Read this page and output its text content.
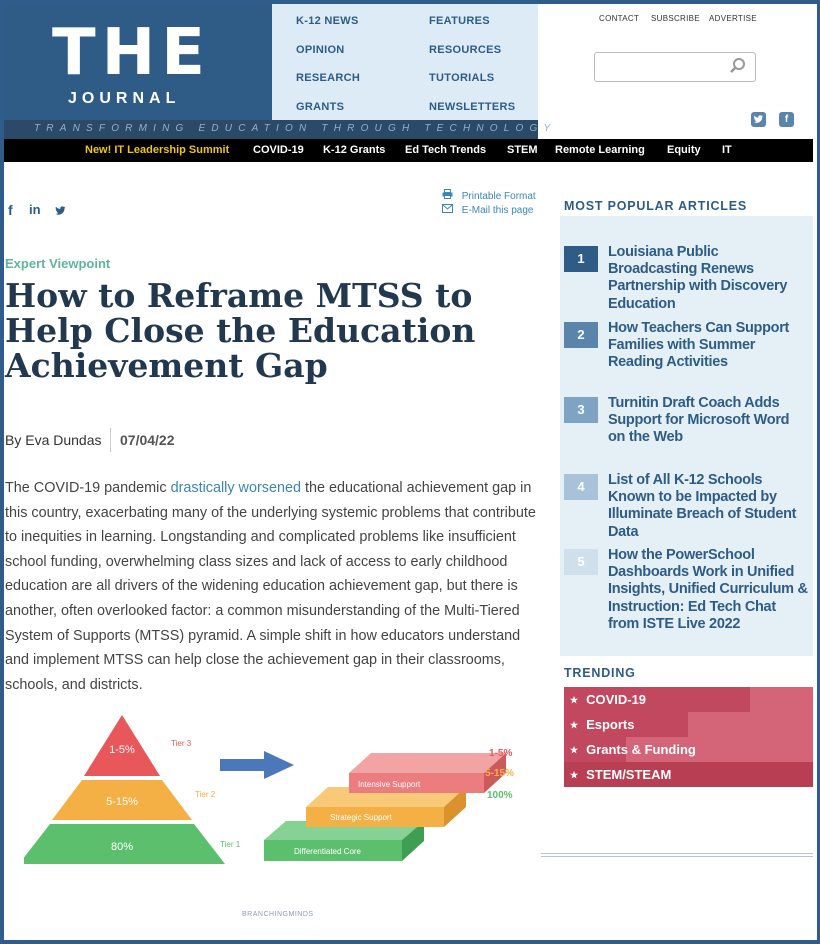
THE
JOURNAL
K-12 NEWS
OPINION
RESEARCH
GRANTS
FEATURES
RESOURCES
TUTORIALS
NEWSLETTERS
CONTACT SUBSCRIBE ADVERTISE
TRANSFORMING EDUCATION THROUGH TECHNOLOGY
f
New! IT Leadership Summit COVID-19 K-12 Grants Ed Tech Trends STEM Remote Learning Equity IT
f in
Printable Format
E-Mail this page
Expert Viewpoint
How to Reframe MTSS to Help Close the Education Achievement Gap
By Eva Dundas 07/04/22

The COVID-19 pandemic drastically worsened the educational achievement gap in this country, exacerbating many of the underlying systemic problems that contribute to inequities in learning. Longstanding and complicated problems like insufficient school funding, overwhelming class sizes and lack of access to early childhood education are all drivers of the widening education achievement gap, but there is another, often overlooked factor: a common misunderstanding of the Multi-Tiered System of Supports (MTSS) pyramid. A simple shift in how educators understand and implement MTSS can help close the achievement gap in their classrooms, schools, and districts.

1-5%
5-15%
80%
Tier 3
Tier 2
Tier 1
Intensive Support
Strategic Support
Differentiated Core
1-5%
5-15%
100%
BRANCHINGMINDS
MOST POPULAR ARTICLES
1	Louisiana Public Broadcasting Renews Partnership with Discovery Education
2	How Teachers Can Support Families with Summer Reading Activities
3	Turnitin Draft Coach Adds Support for Microsoft Word on the Web
4	List of All K-12 Schools Known to be Impacted by Illuminate Breach of Student Data
5	How the PowerSchool Dashboards Work in Unified Insights, Unified Curriculum & Instruction: Ed Tech Chat from ISTE Live 2022
TRENDING
★ COVID-19
★ Esports
★ Grants & Funding
★ STEM/STEAM
